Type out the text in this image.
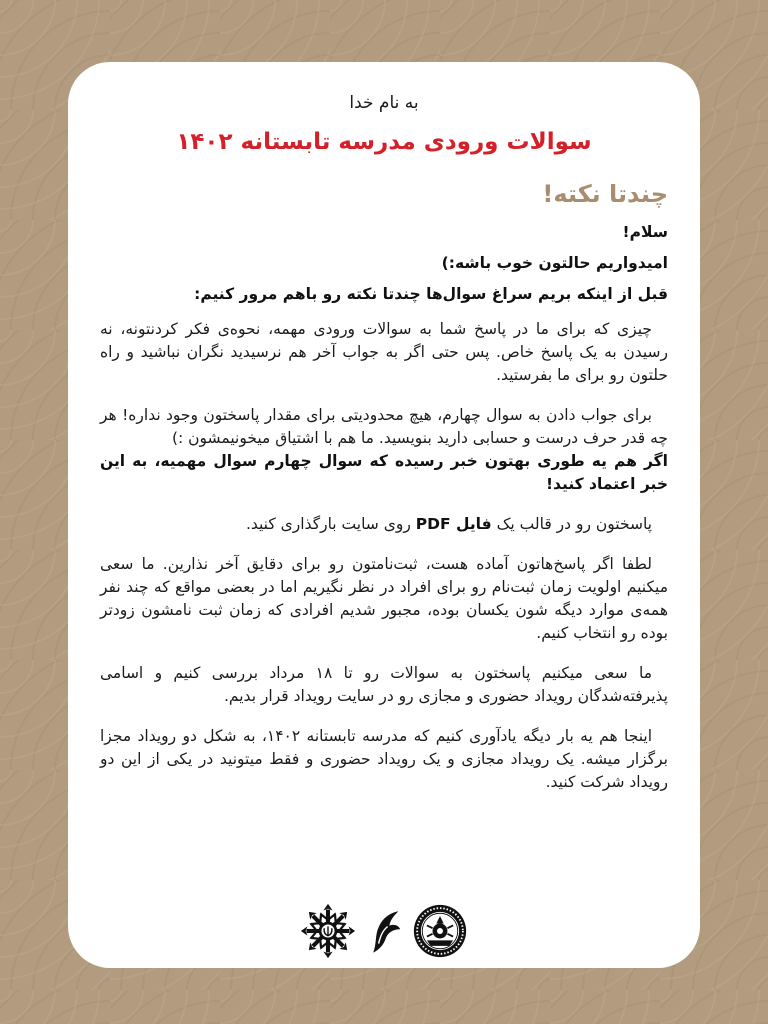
به نام خدا

سوالات ورودی مدرسه تابستانه ۱۴۰۲
چندتا نکته!

سلام!

امیدواریم حالتون خوب باشه:)

قبل از اینکه بریم سراغ سوال‌ها چندتا نکته رو باهم مرور کنیم:

چیزی که برای ما در پاسخ شما به سوالات ورودی مهمه، نحوه‌ی فکر کردنتونه، نه رسیدن به یک پاسخ خاص. پس حتی اگر به جواب آخر هم نرسیدید نگران نباشید و راه حلتون رو برای ما بفرستید.

برای جواب دادن به سوال چهارم، هیچ محدودیتی برای مقدار پاسختون وجود نداره! هر چه قدر حرف درست و حسابی دارید بنویسید. ما هم با اشتیاق میخونیمشون :)
اگر هم یه طوری بهتون خبر رسیده که سوال چهارم سوال مهمیه، به این خبر اعتماد کنید!

پاسختون رو در قالب یک فایل PDF روی سایت بارگذاری کنید.

لطفا اگر پاسخ‌هاتون آماده هست، ثبت‌نامتون رو برای دقایق آخر نذارین. ما سعی میکنیم اولویت زمان ثبت‌نام رو برای افراد در نظر نگیریم اما در بعضی مواقع که چند نفر همه‌ی موارد دیگه شون یکسان بوده، مجبور شدیم افرادی که زمان ثبت نامشون زودتر بوده رو انتخاب کنیم.

ما سعی میکنیم پاسختون به سوالات رو تا ۱۸ مرداد بررسی کنیم و اسامی پذیرفته‌شدگان رویداد حضوری و مجازی رو در سایت رویداد قرار بدیم.

اینجا هم یه بار دیگه یادآوری کنیم که مدرسه تابستانه ۱۴۰۲، به شکل دو رویداد مجزا برگزار میشه. یک رویداد مجازی و یک رویداد حضوری و فقط میتونید در یکی از این دو رویداد شرکت کنید.
